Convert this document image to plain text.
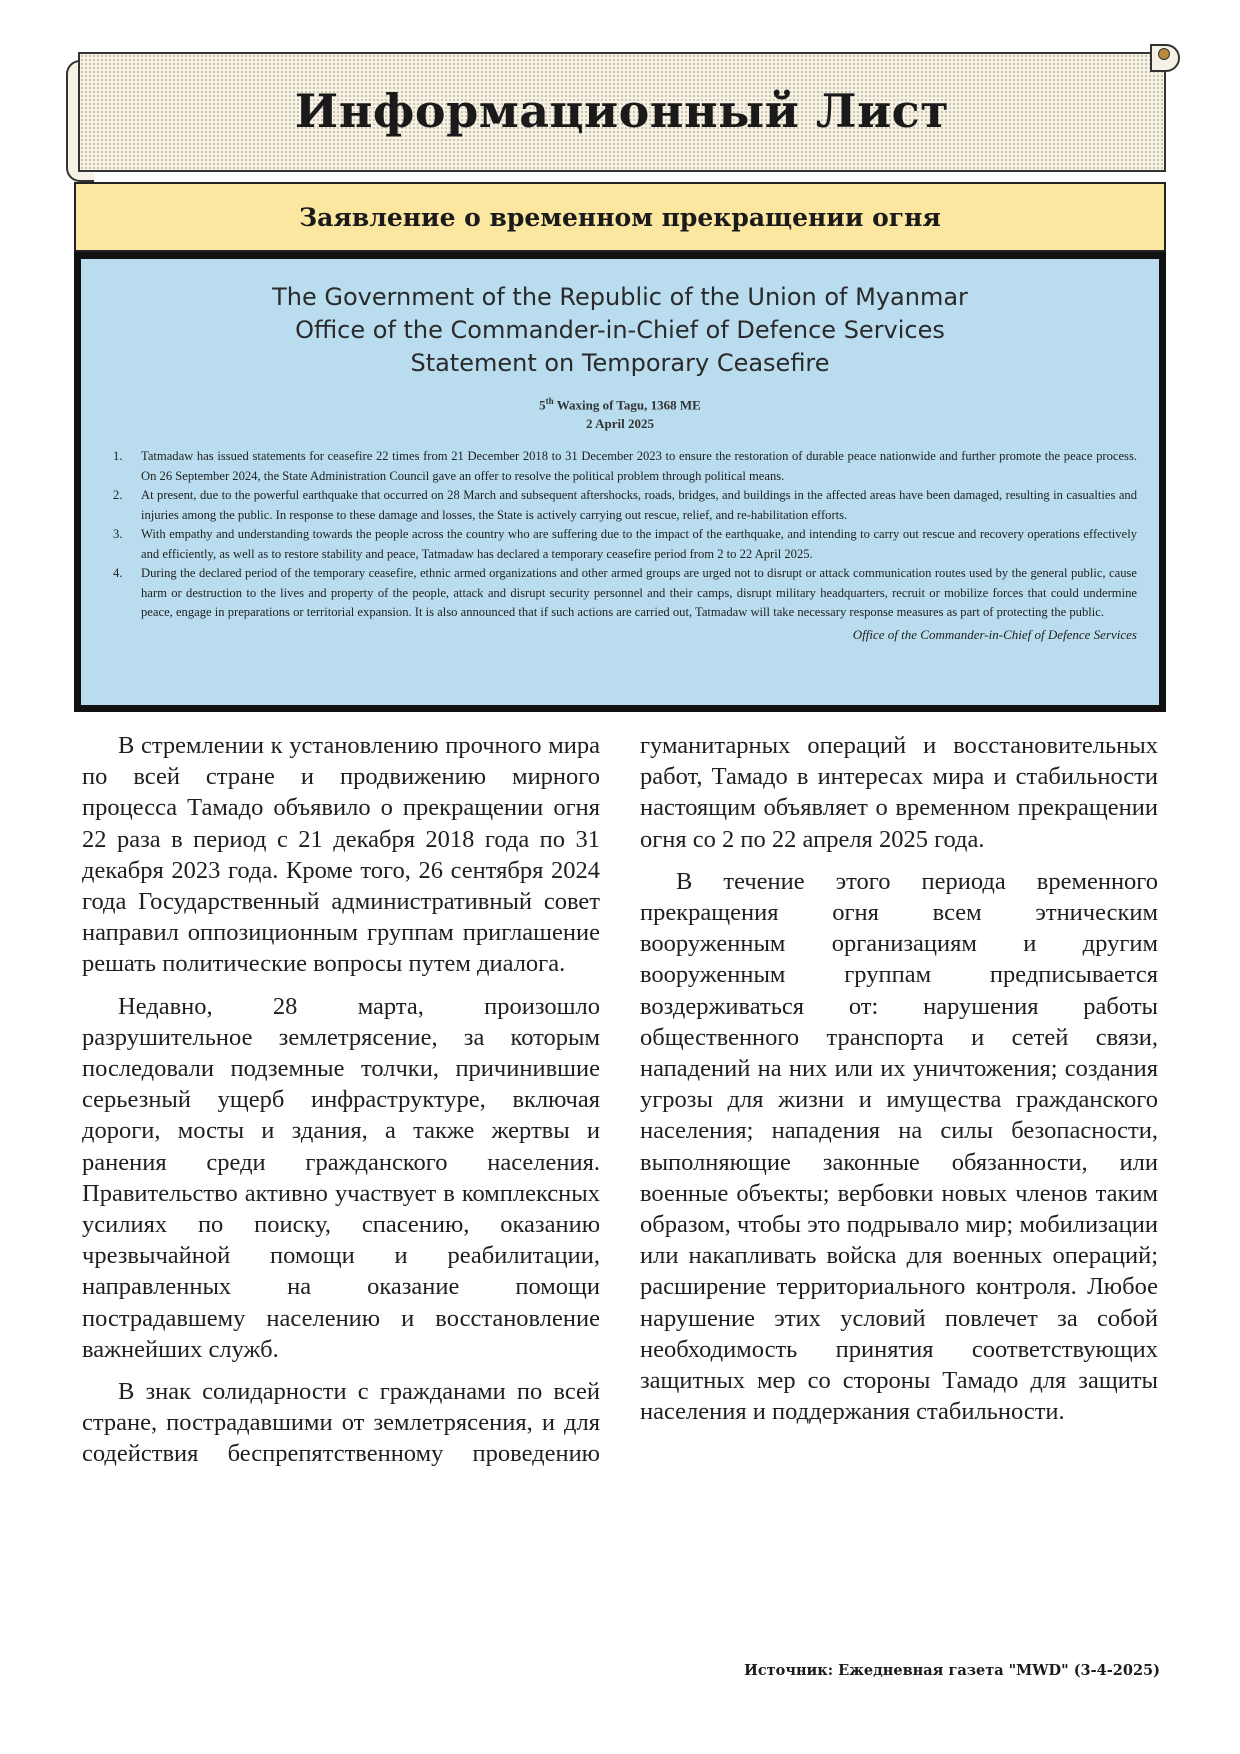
Информационный Лист
Заявление о временном прекращении огня
The Government of the Republic of the Union of Myanmar
Office of the Commander-in-Chief of Defence Services
Statement on Temporary Ceasefire
5th Waxing of Tagu, 1368 ME
2 April 2025
1.	Tatmadaw has issued statements for ceasefire 22 times from 21 December 2018 to 31 December 2023 to ensure the restoration of durable peace nationwide and further promote the peace process. On 26 September 2024, the State Administration Council gave an offer to resolve the political problem through political means.
2.	At present, due to the powerful earthquake that occurred on 28 March and subsequent aftershocks, roads, bridges, and buildings in the affected areas have been damaged, resulting in casualties and injuries among the public. In response to these damage and losses, the State is actively carrying out rescue, relief, and re-habilitation efforts.
3.	With empathy and understanding towards the people across the country who are suffering due to the impact of the earthquake, and intending to carry out rescue and recovery operations effectively and efficiently, as well as to restore stability and peace, Tatmadaw has declared a temporary ceasefire period from 2 to 22 April 2025.
4.	During the declared period of the temporary ceasefire, ethnic armed organizations and other armed groups are urged not to disrupt or attack communication routes used by the general public, cause harm or destruction to the lives and property of the people, attack and disrupt security personnel and their camps, disrupt military headquarters, recruit or mobilize forces that could undermine peace, engage in preparations or territorial expansion. It is also announced that if such actions are carried out, Tatmadaw will take necessary response measures as part of protecting the public.
Office of the Commander-in-Chief of Defence Services

В стремлении к установлению прочного мира по всей стране и продвижению мирного процесса Тамадо объявило о прекращении огня 22 раза в период с 21 декабря 2018 года по 31 декабря 2023 года. Кроме того, 26 сентября 2024 года Государственный административный совет направил оппозиционным группам приглашение решать политические вопросы путем диалога.

Недавно, 28 марта, произошло разрушительное землетрясение, за которым последовали подземные толчки, причинившие серьезный ущерб инфраструктуре, включая дороги, мосты и здания, а также жертвы и ранения среди гражданского населения. Правительство активно участвует в комплексных усилиях по поиску, спасению, оказанию чрезвычайной помощи и реабилитации, направленных на оказание помощи пострадавшему населению и восстановление важнейших служб.

В знак солидарности с гражданами по всей стране, пострадавшими от землетрясения, и для содействия беспрепятственному проведению

гуманитарных операций и восстановительных работ, Тамадо в интересах мира и стабильности настоящим объявляет о временном прекращении огня со 2 по 22 апреля 2025 года.

В течение этого периода временного прекращения огня всем этническим вооруженным организациям и другим вооруженным группам предписывается воздерживаться от: нарушения работы общественного транспорта и сетей связи, нападений на них или их уничтожения; создания угрозы для жизни и имущества гражданского населения; нападения на силы безопасности, выполняющие законные обязанности, или военные объекты; вербовки новых членов таким образом, чтобы это подрывало мир; мобилизации или накапливать войска для военных операций; расширение территориального контроля. Любое нарушение этих условий повлечет за собой необходимость принятия соответствующих защитных мер со стороны Тамадо для защиты населения и поддержания стабильности.

Источник: Ежедневная газета "MWD" (3-4-2025)
